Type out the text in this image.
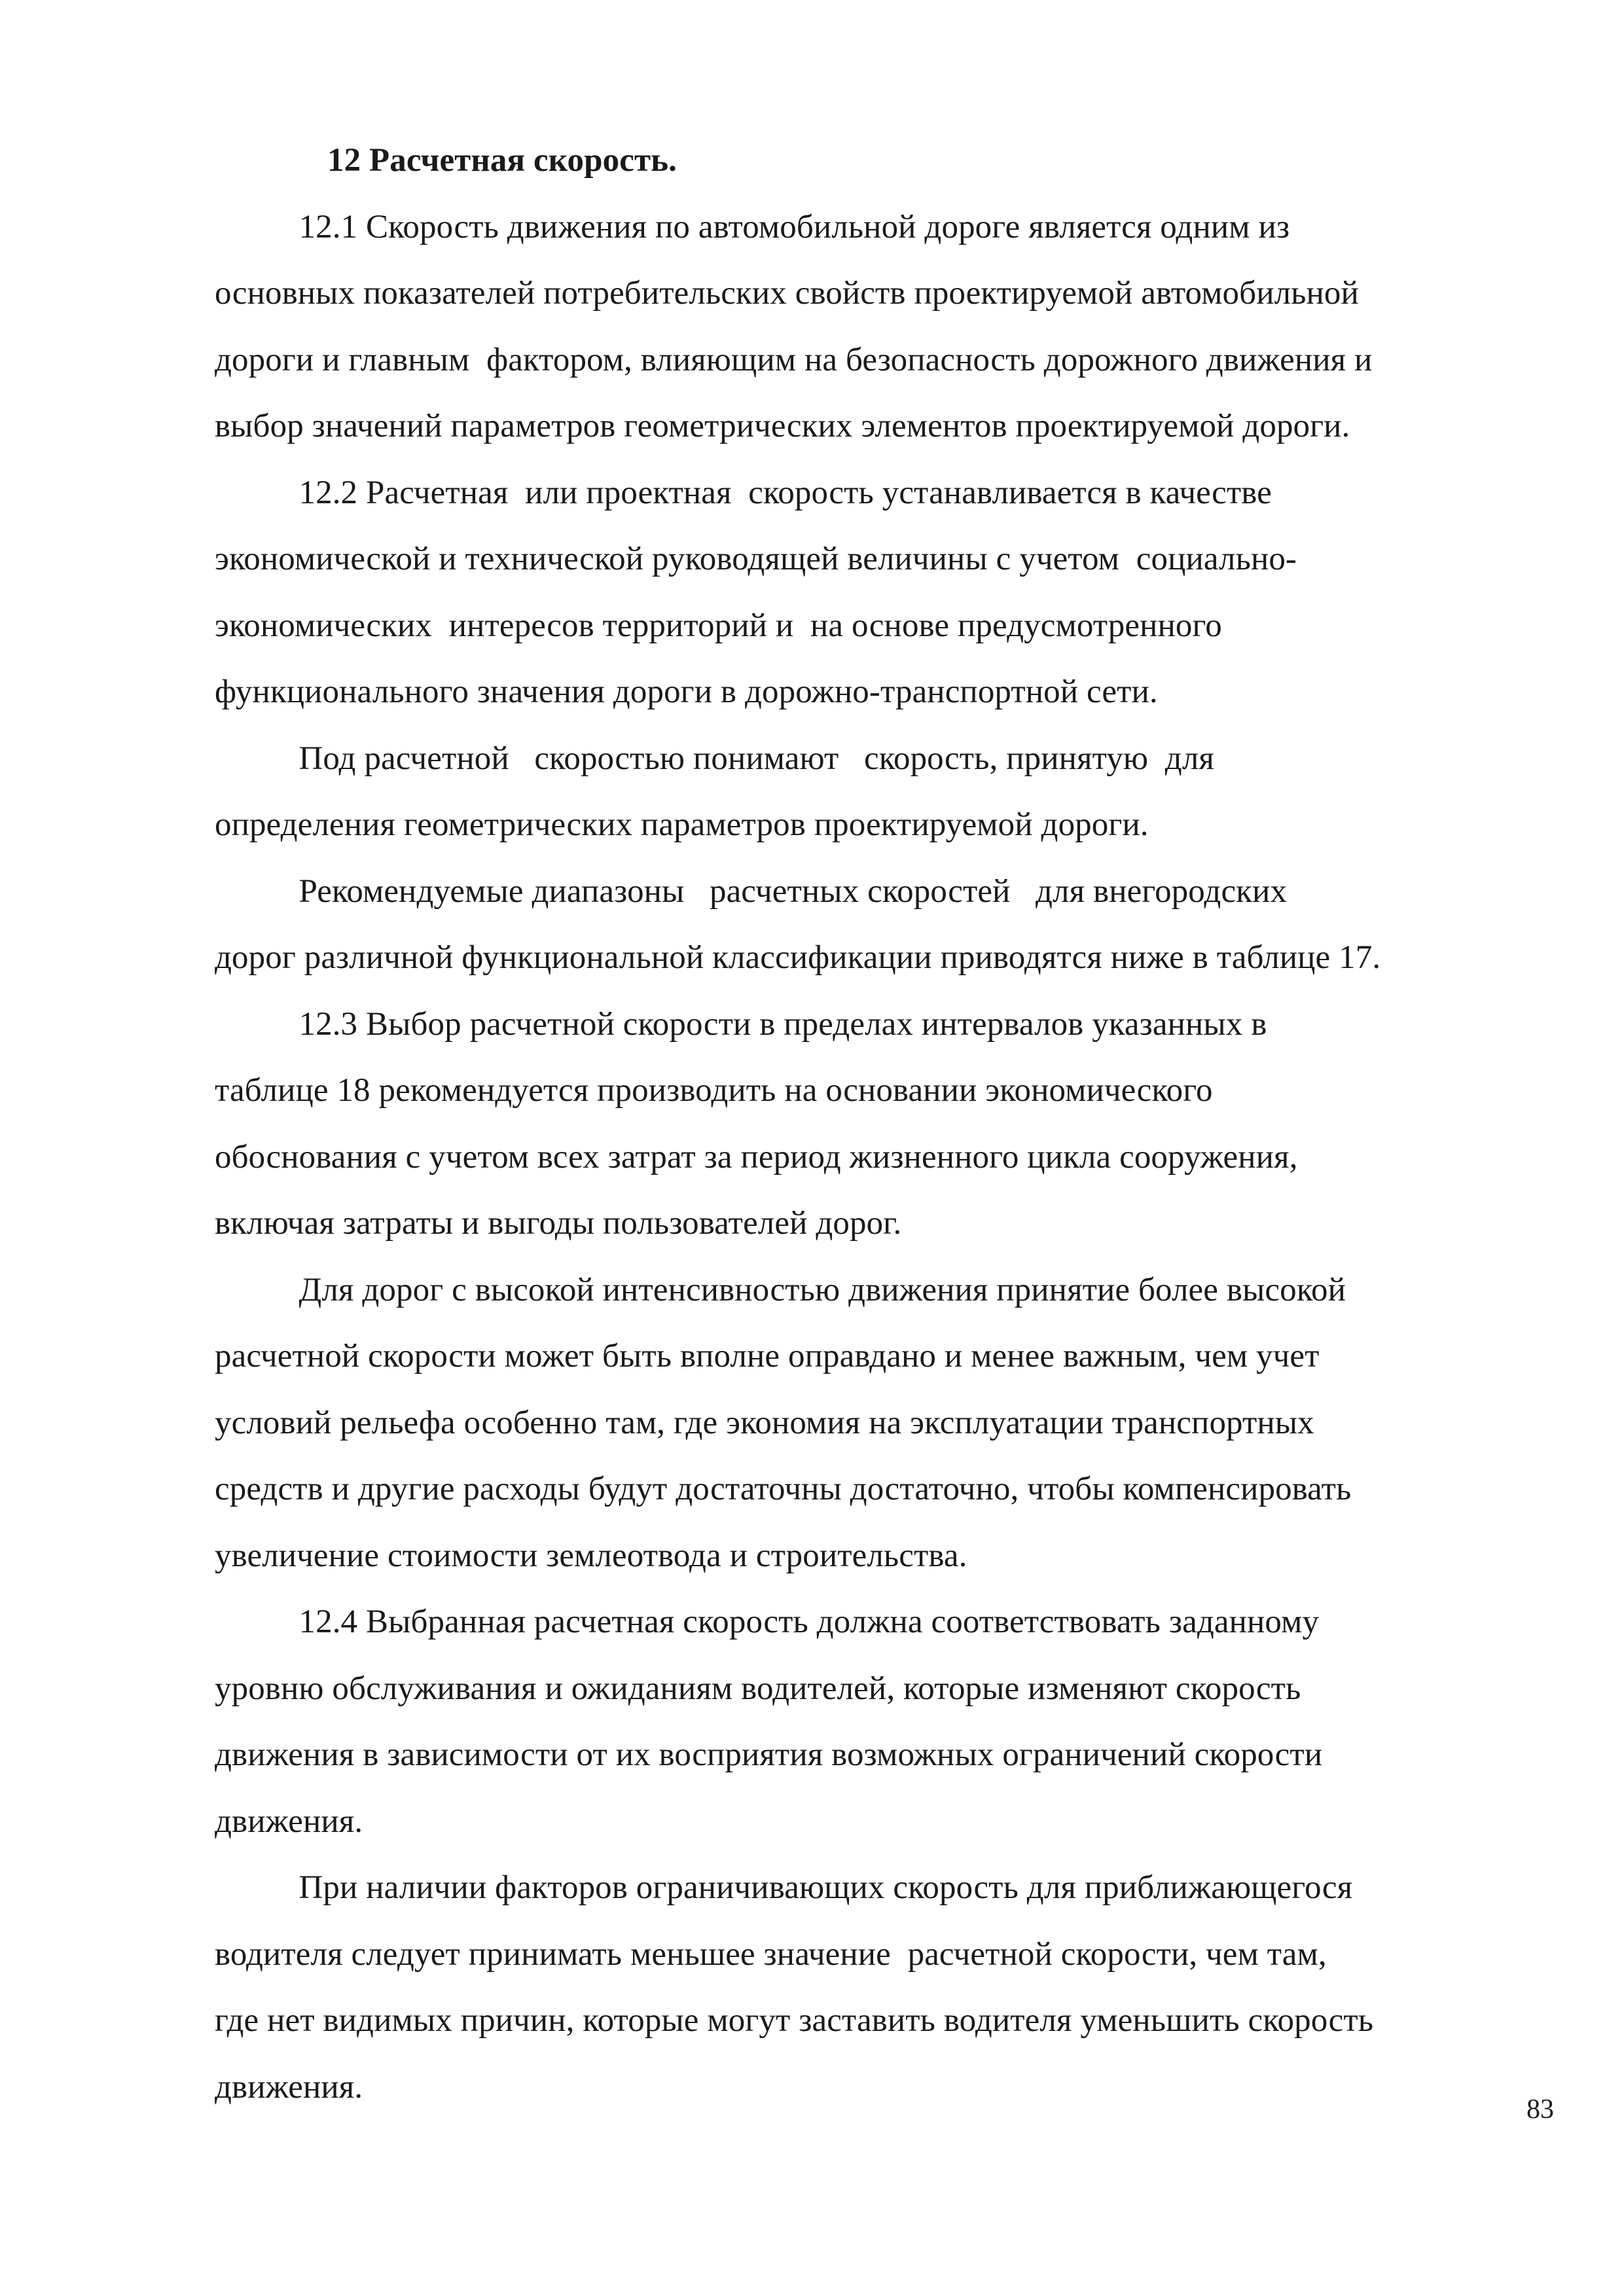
12 Расчетная скорость.
12.1 Скорость движения по автомобильной дороге является одним из
основных показателей потребительских свойств проектируемой автомобильной
дороги и главным  фактором, влияющим на безопасность дорожного движения и
выбор значений параметров геометрических элементов проектируемой дороги.
12.2 Расчетная  или проектная  скорость устанавливается в качестве
экономической и технической руководящей величины с учетом  социально-
экономических  интересов территорий и  на основе предусмотренного
функционального значения дороги в дорожно-транспортной сети.
Под расчетной   скоростью понимают   скорость, принятую  для
определения геометрических параметров проектируемой дороги.
Рекомендуемые диапазоны   расчетных скоростей   для внегородских
дорог различной функциональной классификации приводятся ниже в таблице 17.
12.3 Выбор расчетной скорости в пределах интервалов указанных в
таблице 18 рекомендуется производить на основании экономического
обоснования с учетом всех затрат за период жизненного цикла сооружения,
включая затраты и выгоды пользователей дорог.
Для дорог с высокой интенсивностью движения принятие более высокой
расчетной скорости может быть вполне оправдано и менее важным, чем учет
условий рельефа особенно там, где экономия на эксплуатации транспортных
средств и другие расходы будут достаточны достаточно, чтобы компенсировать
увеличение стоимости землеотвода и строительства.
12.4 Выбранная расчетная скорость должна соответствовать заданному
уровню обслуживания и ожиданиям водителей, которые изменяют скорость
движения в зависимости от их восприятия возможных ограничений скорости
движения.
При наличии факторов ограничивающих скорость для приближающегося
водителя следует принимать меньшее значение  расчетной скорости, чем там,
где нет видимых причин, которые могут заставить водителя уменьшить скорость
движения.
83
